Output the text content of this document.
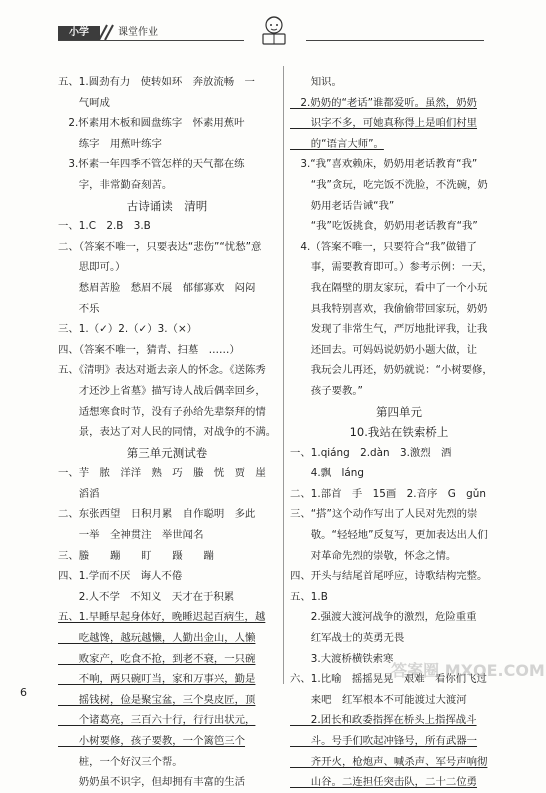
小学	课堂作业
五、1.圆劲有力　使转如环　奔放流畅　一
　　气呵成
　2.怀素用木板和圆盘练字　怀素用蕉叶
　　练字　用蕉叶练字
　3.怀素一年四季不管怎样的天气都在练
　　字，非常勤奋刻苦。
古诗诵读　清明
一、1.C　2.B　3.B
二、（答案不唯一，只要表达“悲伤”“忧愁”意
　　思即可。）
　　愁眉苦脸　愁眉不展　郁郁寡欢　闷闷
　　不乐
三、1.（✓）2.（✓）3.（×）
四、（答案不唯一，猜青、扫墓　……）
五、《清明》表达对逝去亲人的怀念。《送陈秀
　　才还沙上省墓》描写诗人战后偶幸回乡，
　　适想寒食时节，没有子孙给先辈祭拜的情
　　景，表达了对人民的同情，对战争的不满。
第三单元测试卷
一、芋　脓　洋洋　熟　巧　螣　恍　贾　崖
　　滔滔
二、东张西望　日积月累　自作聪明　多此
　　一举　全神贯注　举世闻名
三、螣　　蹦　　盯　　蹑　　蹦
四、1.学而不厌　诲人不倦
　　2.人不学　不知义　天才在于积累
五、1.早睡早起身体好，晚睡迟起百病生，越
　　吃越馋，越玩越懒，人勤出金山，人懒
　　败家产，吃食不抢，到老不衰，一只碗
　　不响，两只碗叮当，家和万事兴，勤是
　　摇钱树，俭是聚宝盆，三个臭皮匠，顶
　　个诸葛亮，三百六十行，行行出状元，
　　小树要修，孩子要教，一个篱笆三个
　　桩，一个好汉三个帮。
　　奶奶虽不识字，但却拥有丰富的生活
　　知识。
　2.奶奶的“老话”谁都爱听。虽然，奶奶
　　识字不多，可她真称得上是咱们村里
　　的“语言大师”。
　3.“我”喜欢赖床，奶奶用老话教育“我”
　　“我”贪玩，吃完饭不洗脸，不洗碗，奶
　　奶用老话告诫“我”
　　“我”吃饭挑食，奶奶用老话教育“我”
　4.（答案不唯一，只要符合“我”做错了
　　事，需要教育即可。）参考示例：一天，
　　我在隔壁的朋友家玩，看中了一个小玩
　　具我特别喜欢，我偷偷带回家玩，奶奶
　　发现了非常生气，严厉地批评我，让我
　　还回去。可妈妈说奶奶小题大做，让
　　我玩会儿再还，奶奶就说：“小树要修，
　　孩子要教。”
第四单元
10.我站在铁索桥上
一、1.qiáng　2.dàn　3.激烈　酒
　　4.飘　láng
二、1.部首　手　15画　2.音序　G　gǔn
三、“搭”这个动作写出了人民对先烈的崇
　　敬。“轻轻地”反复写，更加表达出人们
　　对革命先烈的崇敬，怀念之情。
四、开头与结尾首尾呼应，诗歌结构完整。
五、1.B
　　2.强渡大渡河战争的激烈，危险重重
　　红军战士的英勇无畏
　　3.大渡桥横铁索寒
六、1.比喻　摇摇晃晃　艰难　看你们飞过
　　来吧　红军根本不可能渡过大渡河
　　2.团长和政委指挥在桥头上指挥战斗
　　斗。号手们吹起冲锋号，所有武器一
　　齐开火，枪炮声、喊杀声、军号声响彻
　　山谷。二连担任突击队，二十二位勇
6
答案圈 MXQE.COM
